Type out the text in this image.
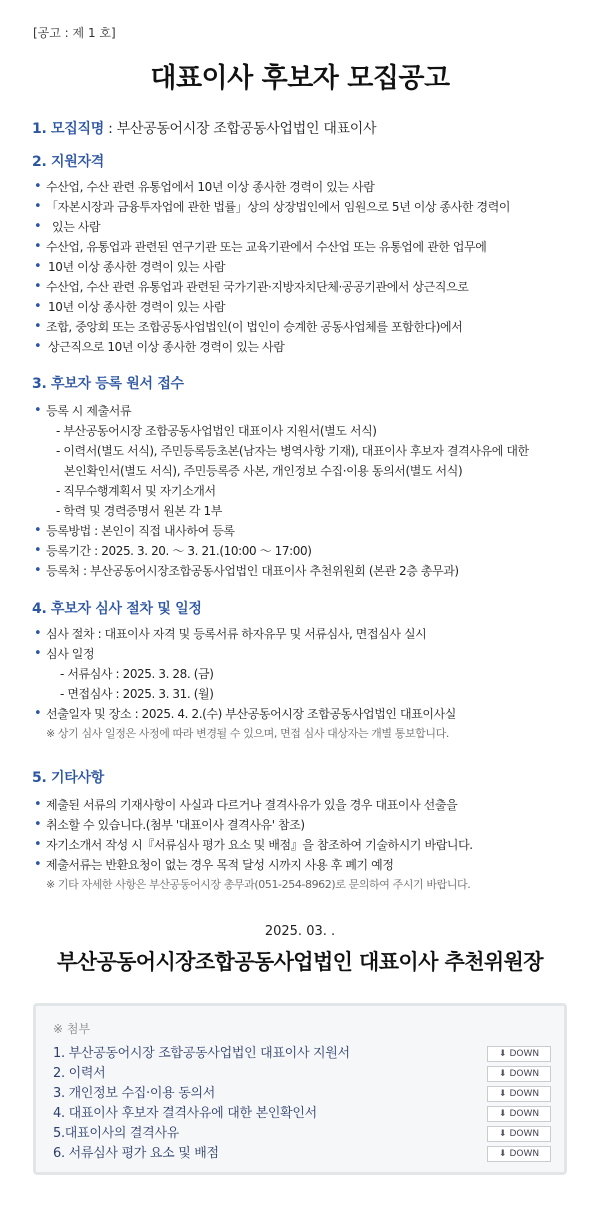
[공고 : 제 1 호]
대표이사 후보자 모집공고
1. 모집직명 : 부산공동어시장 조합공동사업법인 대표이사
2. 지원자격
• 수산업, 수산 관련 유통업에서 10년 이상 종사한 경력이 있는 사람
• 「자본시장과 금융투자업에 관한 법률」상의 상장법인에서 임원으로 5년 이상 종사한 경력이
• 있는 사람
• 수산업, 유통업과 관련된 연구기관 또는 교육기관에서 수산업 또는 유통업에 관한 업무에
• 10년 이상 종사한 경력이 있는 사람
• 수산업, 수산 관련 유통업과 관련된 국가기관·지방자치단체·공공기관에서 상근직으로
• 10년 이상 종사한 경력이 있는 사람
• 조합, 중앙회 또는 조합공동사업법인(이 법인이 승계한 공동사업체를 포함한다)에서
• 상근직으로 10년 이상 종사한 경력이 있는 사람
3. 후보자 등록 원서 접수
• 등록 시 제출서류
- 부산공동어시장 조합공동사업법인 대표이사 지원서(별도 서식)
- 이력서(별도 서식), 주민등록등초본(남자는 병역사항 기재), 대표이사 후보자 결격사유에 대한
본인확인서(별도 서식), 주민등록증 사본, 개인정보 수집·이용 동의서(별도 서식)
- 직무수행계획서 및 자기소개서
- 학력 및 경력증명서 원본 각 1부
• 등록방법 : 본인이 직접 내사하여 등록
• 등록기간 : 2025. 3. 20. ～ 3. 21.(10:00 ～ 17:00)
• 등록처 : 부산공동어시장조합공동사업법인 대표이사 추천위원회 (본관 2층 총무과)
4. 후보자 심사 절차 및 일정
• 심사 절차 : 대표이사 자격 및 등록서류 하자유무 및 서류심사, 면접심사 실시
• 심사 일정
- 서류심사 : 2025. 3. 28. (금)
- 면접심사 : 2025. 3. 31. (월)
• 선출일자 및 장소 : 2025. 4. 2.(수) 부산공동어시장 조합공동사업법인 대표이사실
※ 상기 심사 일정은 사정에 따라 변경될 수 있으며, 면접 심사 대상자는 개별 통보합니다.
5. 기타사항
• 제출된 서류의 기재사항이 사실과 다르거나 결격사유가 있을 경우 대표이사 선출을
• 취소할 수 있습니다.(첨부 '대표이사 결격사유' 참조)
• 자기소개서 작성 시『서류심사 평가 요소 및 배점』을 참조하여 기술하시기 바랍니다.
• 제출서류는 반환요청이 없는 경우 목적 달성 시까지 사용 후 폐기 예정
※ 기타 자세한 사항은 부산공동어시장 총무과(051-254-8962)로 문의하여 주시기 바랍니다.
2025. 03. .
부산공동어시장조합공동사업법인 대표이사 추천위원장
※ 첨부
1. 부산공동어시장 조합공동사업법인 대표이사 지원서	⬇ DOWN
2. 이력서	⬇ DOWN
3. 개인정보 수집·이용 동의서	⬇ DOWN
4. 대표이사 후보자 결격사유에 대한 본인확인서	⬇ DOWN
5.대표이사의 결격사유	⬇ DOWN
6. 서류심사 평가 요소 및 배점	⬇ DOWN
